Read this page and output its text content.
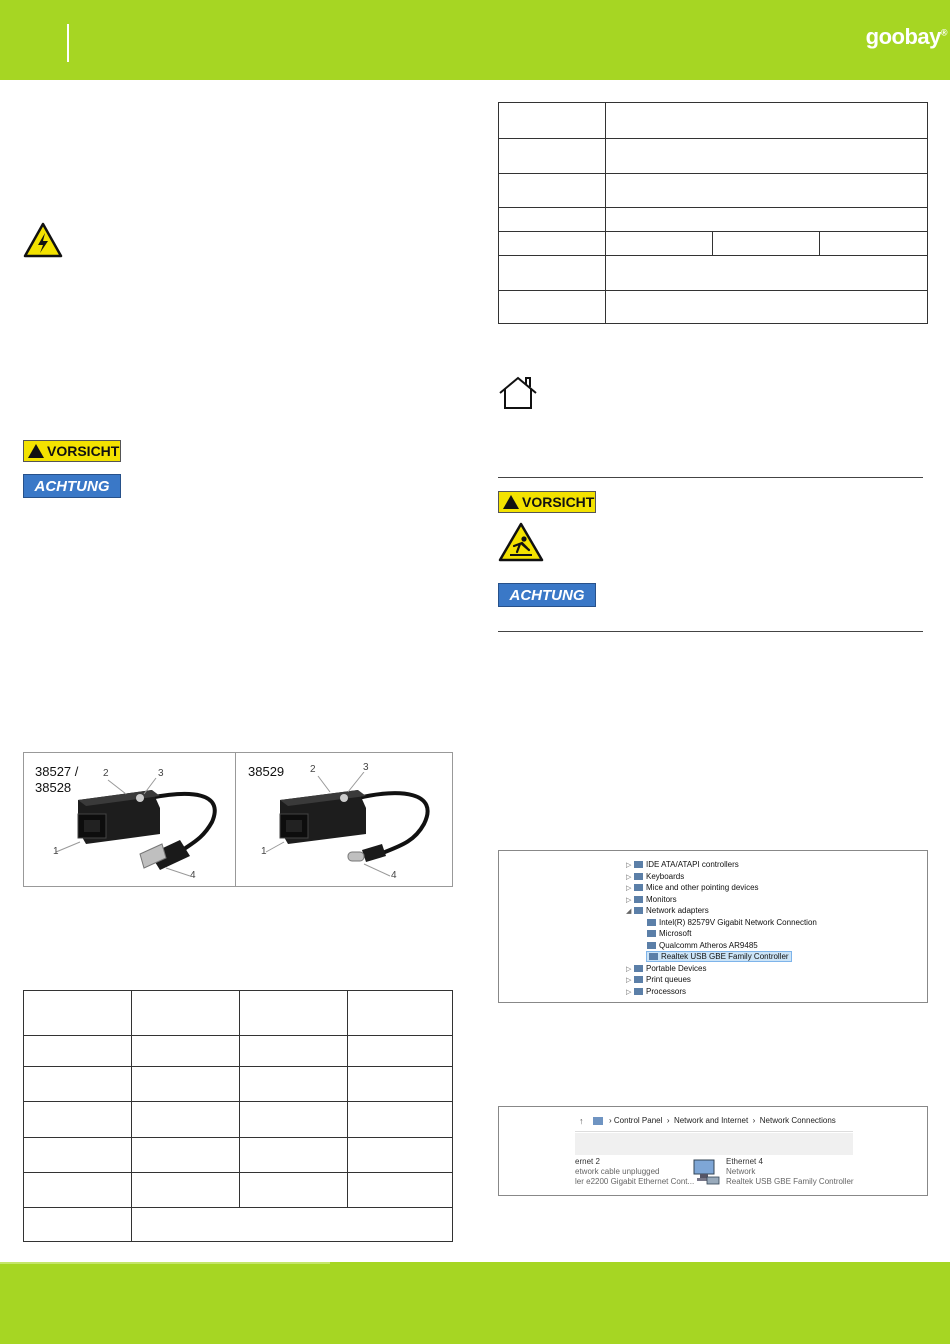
goobay®
VORSICHT
ACHTUNG
38527 /
38528
38529
1
2	3
4
1
2	3
4

VORSICHT
ACHTUNG
▷ IDE ATA/ATAPI controllers
▷ Keyboards
▷ Mice and other pointing devices
▷ Monitors
◢ Network adapters
Intel(R) 82579V Gigabit Network Connection
Microsoft
Qualcomm Atheros AR9485
Realtek USB GBE Family Controller
▷ Portable Devices
▷ Print queues
▷ Processors
↑	› Control Panel  ›  Network and Internet  ›  Network Connections
ernet 2
etwork cable unplugged
ler e2200 Gigabit Ethernet Cont...
Ethernet 4
Network
Realtek USB GBE Family Controller
